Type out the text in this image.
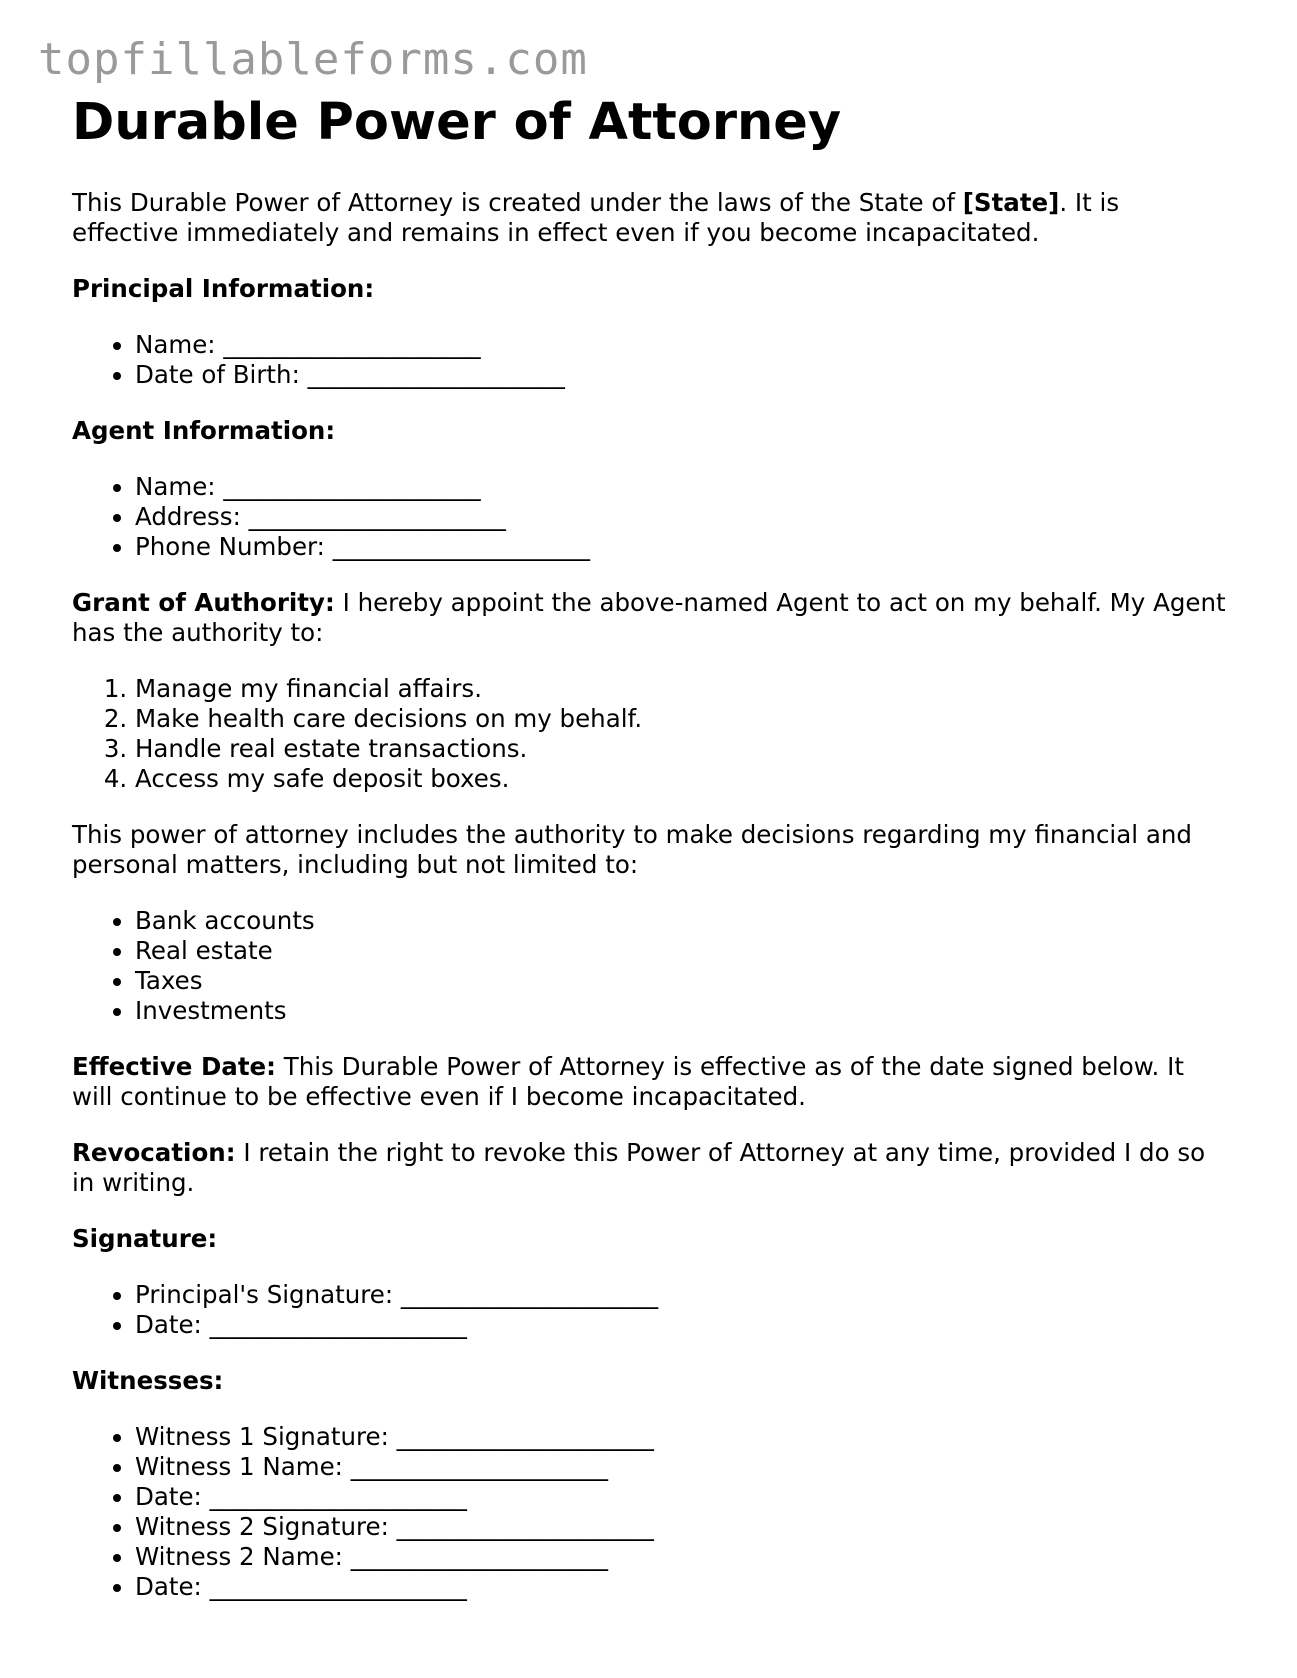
topfillableforms.com
Durable Power of Attorney

This Durable Power of Attorney is created under the laws of the State of [State]. It is effective immediately and remains in effect even if you become incapacitated.

Principal Information:

• Name: _____________________
• Date of Birth: _____________________

Agent Information:

• Name: _____________________
• Address: _____________________
• Phone Number: _____________________

Grant of Authority: I hereby appoint the above-named Agent to act on my behalf. My Agent has the authority to:

1. Manage my financial affairs.
2. Make health care decisions on my behalf.
3. Handle real estate transactions.
4. Access my safe deposit boxes.

This power of attorney includes the authority to make decisions regarding my financial and personal matters, including but not limited to:

• Bank accounts
• Real estate
• Taxes
• Investments

Effective Date: This Durable Power of Attorney is effective as of the date signed below. It will continue to be effective even if I become incapacitated.

Revocation: I retain the right to revoke this Power of Attorney at any time, provided I do so in writing.

Signature:

• Principal's Signature: _____________________
• Date: _____________________

Witnesses:

• Witness 1 Signature: _____________________
• Witness 1 Name: _____________________
• Date: _____________________
• Witness 2 Signature: _____________________
• Witness 2 Name: _____________________
• Date: _____________________
